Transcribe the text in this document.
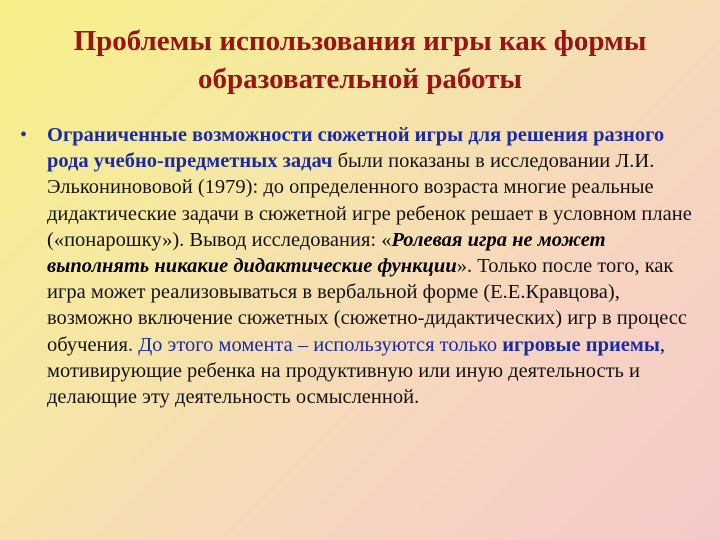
Проблемы использования игры как формы
образовательной работы
• Ограниченные возможности сюжетной игры для решения разного рода учебно-предметных задач были показаны в исследовании Л.И. Эльконинововой (1979): до определенного возраста многие реальные дидактические задачи в сюжетной игре ребенок решает в условном плане («понарошку»). Вывод исследования: «Ролевая игра не может выполнять никакие дидактические функции». Только после того, как игра может реализовываться в вербальной форме (Е.Е.Кравцова), возможно включение сюжетных (сюжетно-дидактических) игр в процесс обучения. До этого момента – используются только игровые приемы, мотивирующие ребенка на продуктивную или иную деятельность и делающие эту деятельность осмысленной.
